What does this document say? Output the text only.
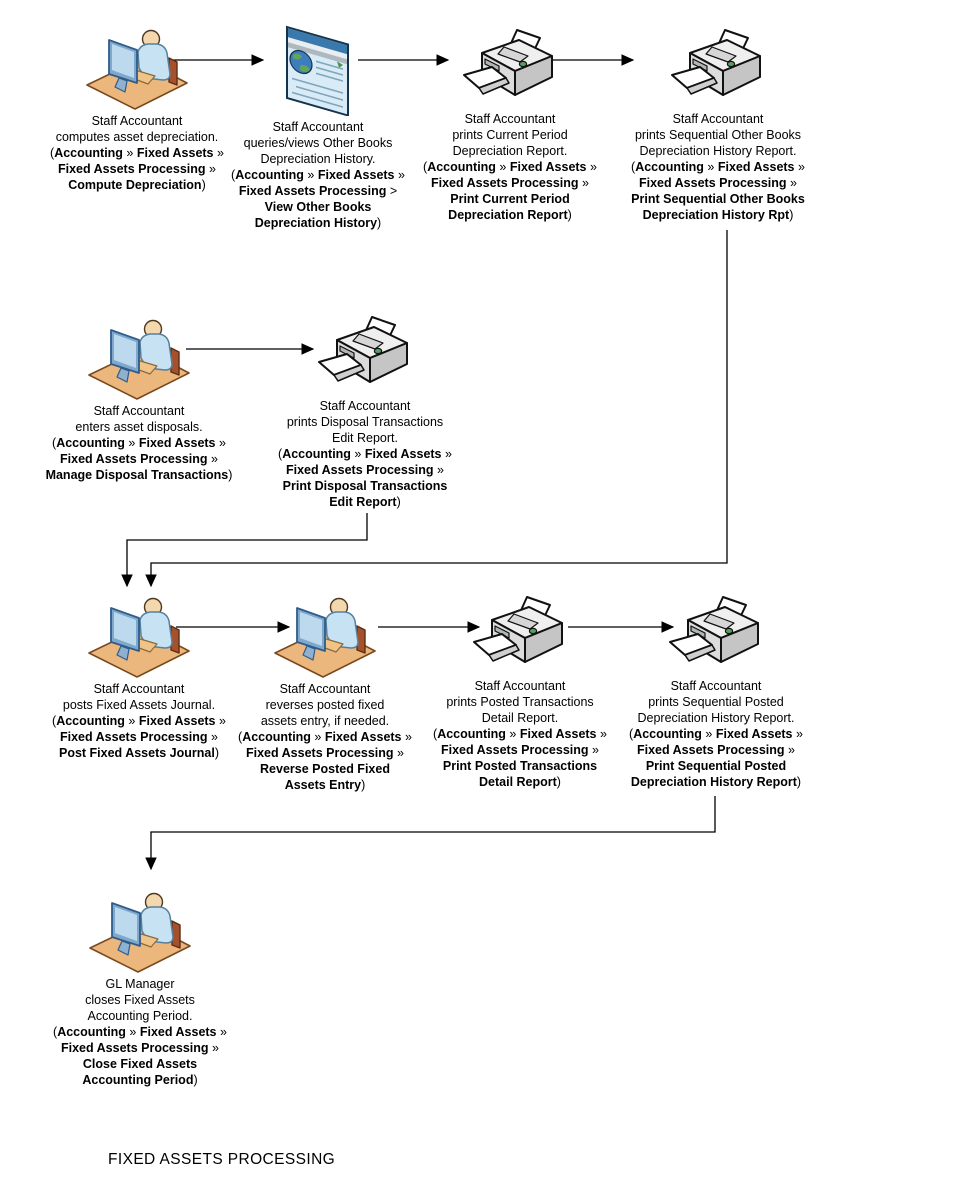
Staff Accountant
computes asset depreciation.
(Accounting » Fixed Assets »
Fixed Assets Processing »
Compute Depreciation)
Staff Accountant
queries/views Other Books
Depreciation History.
(Accounting » Fixed Assets »
Fixed Assets Processing >
View Other Books
Depreciation History)
Staff Accountant
prints Current Period
Depreciation Report.
(Accounting » Fixed Assets »
Fixed Assets Processing »
Print Current Period
Depreciation Report)
Staff Accountant
prints Sequential Other Books
Depreciation History Report.
(Accounting » Fixed Assets »
Fixed Assets Processing »
Print Sequential Other Books
Depreciation History Rpt)
Staff Accountant
enters asset disposals.
(Accounting » Fixed Assets »
Fixed Assets Processing »
Manage Disposal Transactions)
Staff Accountant
prints Disposal Transactions
Edit Report.
(Accounting » Fixed Assets »
Fixed Assets Processing »
Print Disposal Transactions
Edit Report)
Staff Accountant
posts Fixed Assets Journal.
(Accounting » Fixed Assets »
Fixed Assets Processing »
Post Fixed Assets Journal)
Staff Accountant
reverses posted fixed
assets entry, if needed.
(Accounting » Fixed Assets »
Fixed Assets Processing »
Reverse Posted Fixed
Assets Entry)
Staff Accountant
prints Posted Transactions
Detail Report.
(Accounting » Fixed Assets »
Fixed Assets Processing »
Print Posted Transactions
Detail Report)
Staff Accountant
prints Sequential Posted
Depreciation History Report.
(Accounting » Fixed Assets »
Fixed Assets Processing »
Print Sequential Posted
Depreciation History Report)
GL Manager
closes Fixed Assets
Accounting Period.
(Accounting » Fixed Assets »
Fixed Assets Processing »
Close Fixed Assets
Accounting Period)
FIXED ASSETS PROCESSING
